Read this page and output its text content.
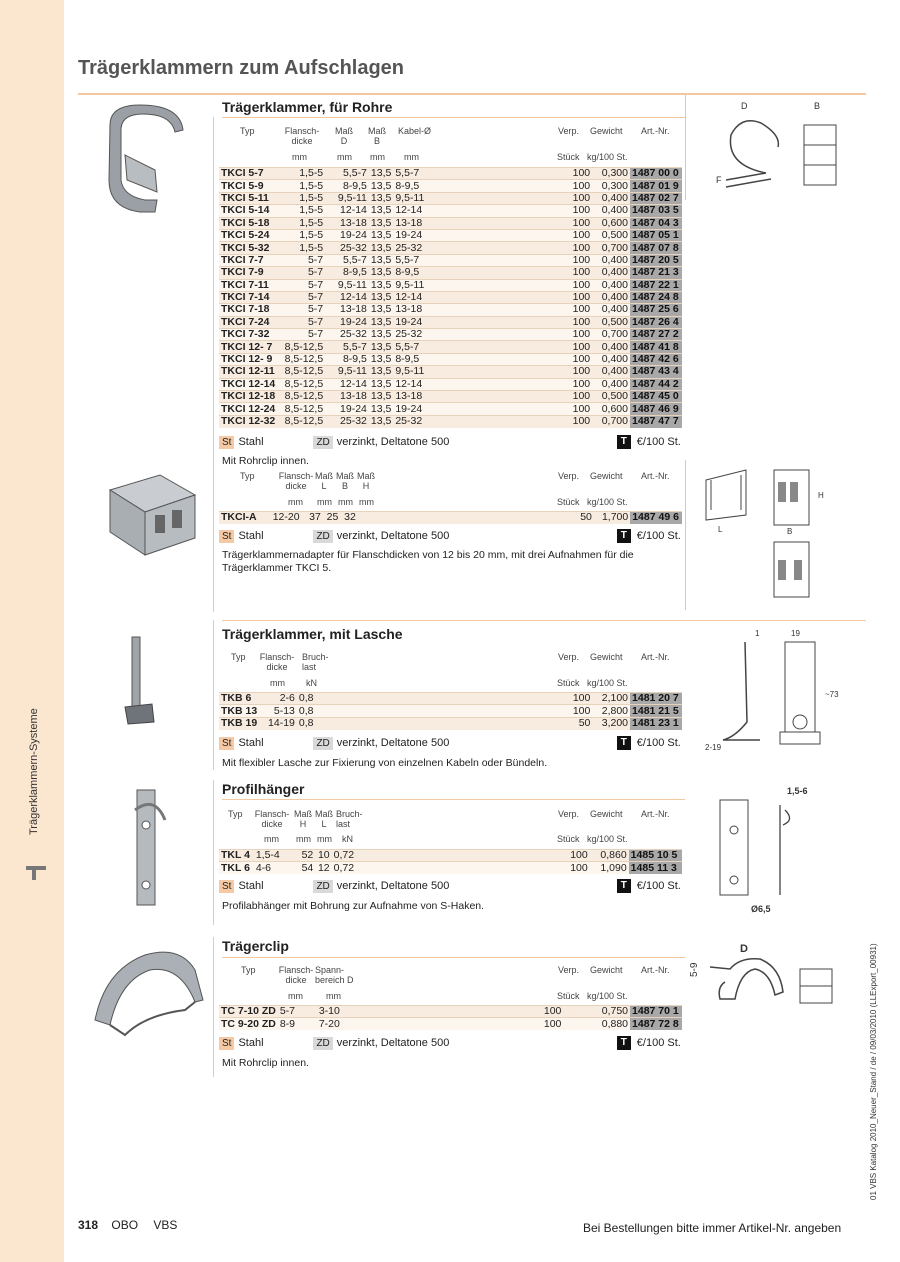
Trägerklammern-Systeme
Trägerklammern zum Aufschlagen
Trägerklammer, für Rohre
Typ	Flansch-
dicke
Maß
D
Maß
B
Kabel-Ø	Verp. Gewicht Art.-Nr.
mm	mm mm mm	Stück kg/100 St.
TKCI 5-7	1,5-5	5,5-7	13,5	5,5-7	100	0,300	1487 00 0
TKCI 5-9	1,5-5	8-9,5	13,5	8-9,5	100	0,300	1487 01 9
TKCI 5-11	1,5-5	9,5-11	13,5	9,5-11	100	0,400	1487 02 7
TKCI 5-14	1,5-5	12-14	13,5	12-14	100	0,400	1487 03 5
TKCI 5-18	1,5-5	13-18	13,5	13-18	100	0,600	1487 04 3
TKCI 5-24	1,5-5	19-24	13,5	19-24	100	0,500	1487 05 1
TKCI 5-32	1,5-5	25-32	13,5	25-32	100	0,700	1487 07 8
TKCI 7-7	5-7	5,5-7	13,5	5,5-7	100	0,400	1487 20 5
TKCI 7-9	5-7	8-9,5	13,5	8-9,5	100	0,400	1487 21 3
TKCI 7-11	5-7	9,5-11	13,5	9,5-11	100	0,400	1487 22 1
TKCI 7-14	5-7	12-14	13,5	12-14	100	0,400	1487 24 8
TKCI 7-18	5-7	13-18	13,5	13-18	100	0,400	1487 25 6
TKCI 7-24	5-7	19-24	13,5	19-24	100	0,500	1487 26 4
TKCI 7-32	5-7	25-32	13,5	25-32	100	0,700	1487 27 2
TKCI 12- 7	8,5-12,5	5,5-7	13,5	5,5-7	100	0,400	1487 41 8
TKCI 12- 9	8,5-12,5	8-9,5	13,5	8-9,5	100	0,400	1487 42 6
TKCI 12-11	8,5-12,5	9,5-11	13,5	9,5-11	100	0,400	1487 43 4
TKCI 12-14	8,5-12,5	12-14	13,5	12-14	100	0,400	1487 44 2
TKCI 12-18	8,5-12,5	13-18	13,5	13-18	100	0,500	1487 45 0
TKCI 12-24	8,5-12,5	19-24	13,5	19-24	100	0,600	1487 46 9
TKCI 12-32	8,5-12,5	25-32	13,5	25-32	100	0,700	1487 47 7
St Stahl	ZD verzinkt, Deltatone 500	T €/100 St.
Mit Rohrclip innen.
Typ	Flansch-
dicke
Maß
L
Maß
B
Maß
H
Verp. Gewicht Art.-Nr.
mm mm mm mm	Stück kg/100 St.
TKCI-A	12-20	37	25	32	50	1,700	1487 49 6
St Stahl	ZD verzinkt, Deltatone 500	T €/100 St.
Trägerklammernadapter für Flanschdicken von 12 bis 20 mm, mit drei Aufnahmen für die Trägerklammer TKCI 5.
D	B
F
L
H
B
Trägerklammer, mit Lasche
Typ Flansch-
dicke
Bruch-
last
Verp. Gewicht Art.-Nr.
mm kN	Stück kg/100 St.
TKB 6	2-6	0,8	100	2,100	1481 20 7
TKB 13	5-13	0,8	100	2,800	1481 21 5
TKB 19	14-19	0,8	50	3,200	1481 23 1
St Stahl	ZD verzinkt, Deltatone 500	T €/100 St.
Mit flexibler Lasche zur Fixierung von einzelnen Kabeln oder Bündeln.
1	19
~73
2-19
Profilhänger
Typ Flansch-
dicke
Maß
H
Maß
L
Bruch-
last
Verp. Gewicht Art.-Nr.
mm mm mm kN	Stück kg/100 St.
TKL 4	1,5-4	52	10	0,72	100	0,860	1485 10 5
TKL 6	4-6	54	12	0,72	100	1,090	1485 11 3
St Stahl	ZD verzinkt, Deltatone 500	T €/100 St.
Profilabhänger mit Bohrung zur Aufnahme von S-Haken.
1,5-6
Ø6,5
Trägerclip
Typ	Flansch-
dicke
Spann-
bereich D
Verp. Gewicht Art.-Nr.
mm	mm	Stück kg/100 St.
TC 7-10 ZD	5-7	3-10	100	0,750	1487 70 1
TC 9-20 ZD	8-9	7-20	100	0,880	1487 72 8
St Stahl	ZD verzinkt, Deltatone 500	T €/100 St.
Mit Rohrclip innen.
D
5-9
318 OBO VBS	Bei Bestellungen bitte immer Artikel-Nr. angeben
01 VBS Katalog 2010_Neuer_Stand / de / 09/03/2010 (LLExport_00931)
